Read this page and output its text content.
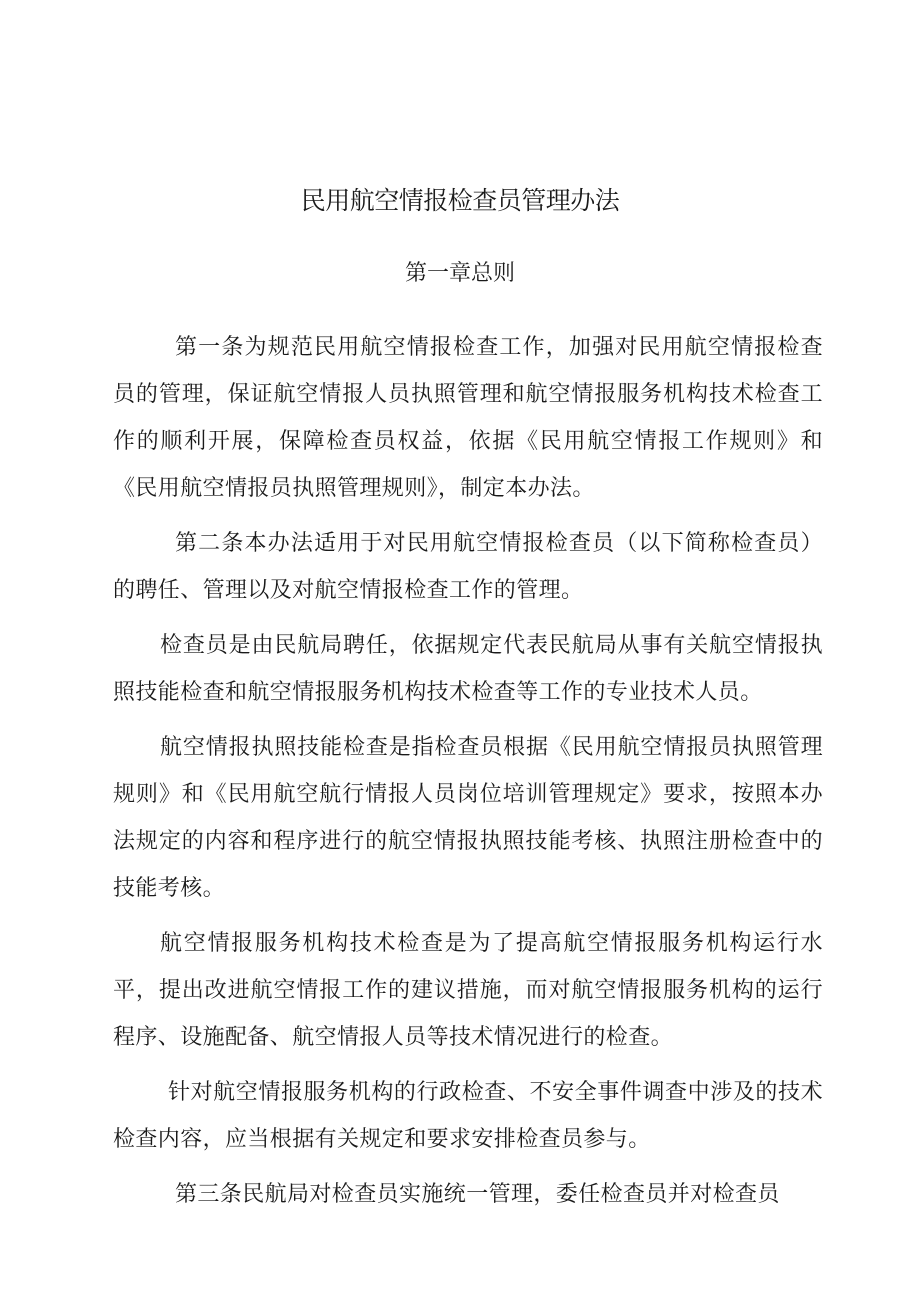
民用航空情报检查员管理办法
第一章总则

第一条为规范民用航空情报检查工作，加强对民用航空情报检查员的管理，保证航空情报人员执照管理和航空情报服务机构技术检查工作的顺利开展，保障检查员权益，依据《民用航空情报工作规则》和《民用航空情报员执照管理规则》，制定本办法。

第二条本办法适用于对民用航空情报检查员（以下简称检查员）的聘任、管理以及对航空情报检查工作的管理。

检查员是由民航局聘任，依据规定代表民航局从事有关航空情报执照技能检查和航空情报服务机构技术检查等工作的专业技术人员。

航空情报执照技能检查是指检查员根据《民用航空情报员执照管理规则》和《民用航空航行情报人员岗位培训管理规定》要求，按照本办法规定的内容和程序进行的航空情报执照技能考核、执照注册检查中的技能考核。

航空情报服务机构技术检查是为了提高航空情报服务机构运行水平，提出改进航空情报工作的建议措施，而对航空情报服务机构的运行程序、设施配备、航空情报人员等技术情况进行的检查。

针对航空情报服务机构的行政检查、不安全事件调查中涉及的技术检查内容，应当根据有关规定和要求安排检查员参与。

第三条民航局对检查员实施统一管理，委任检查员并对检查员
